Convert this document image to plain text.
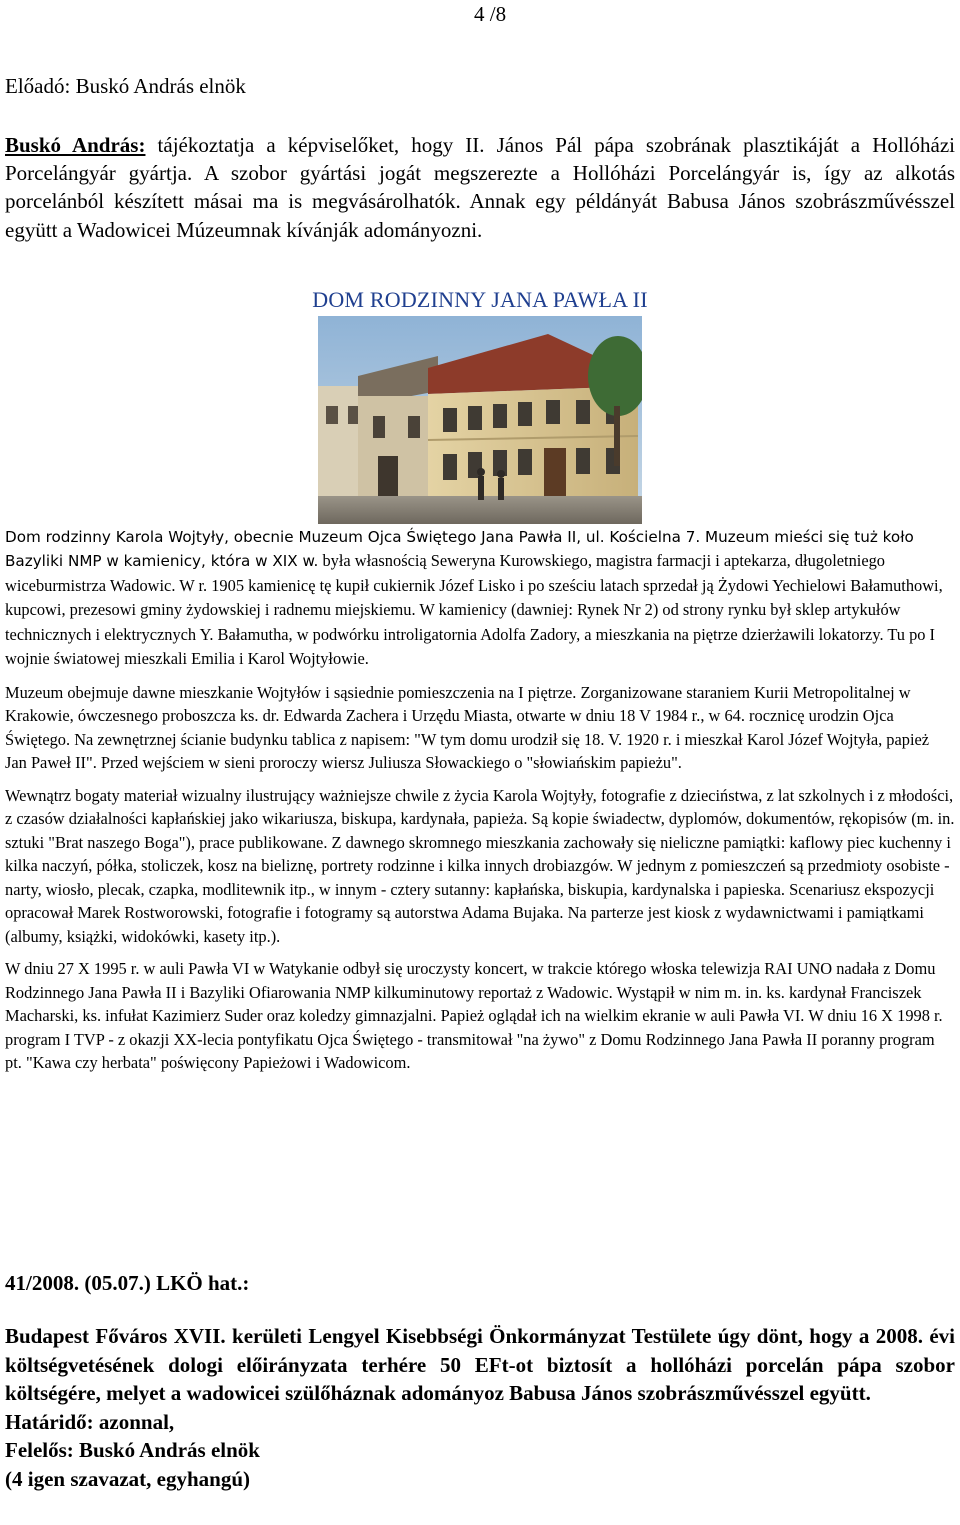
4 /8
Előadó: Buskó András elnök
Buskó András: tájékoztatja a képviselőket, hogy II. János Pál pápa szobrának plasztikáját a Hollóházi Porcelángyár gyártja. A szobor gyártási jogát megszerezte a Hollóházi Porcelángyár is, így az alkotás porcelánból készített másai ma is megvásárolhatók. Annak egy példányát Babusa János szobrászművésszel együtt a Wadowicei Múzeumnak kívánják adományozni.
DOM RODZINNY JANA PAWŁA II

Dom rodzinny Karola Wojtyły, obecnie Muzeum Ojca Świętego Jana Pawła II, ul. Kościelna 7. Muzeum mieści się tuż koło Bazyliki NMP w kamienicy, która w XIX w. była własnością Seweryna Kurowskiego, magistra farmacji i aptekarza, długoletniego wiceburmistrza Wadowic. W r. 1905 kamienicę tę kupił cukiernik Józef Lisko i po sześciu latach sprzedał ją Żydowi Yechielowi Bałamuthowi, kupcowi, prezesowi gminy żydowskiej i radnemu miejskiemu. W kamienicy (dawniej: Rynek Nr 2) od strony rynku był sklep artykułów technicznych i elektrycznych Y. Bałamutha, w podwórku introligatornia Adolfa Zadory, a mieszkania na piętrze dzierżawili lokatorzy. Tu po I wojnie światowej mieszkali Emilia i Karol Wojtyłowie.

Muzeum obejmuje dawne mieszkanie Wojtyłów i sąsiednie pomieszczenia na I piętrze. Zorganizowane staraniem Kurii Metropolitalnej w Krakowie, ówczesnego proboszcza ks. dr. Edwarda Zachera i Urzędu Miasta, otwarte w dniu 18 V 1984 r., w 64. rocznicę urodzin Ojca Świętego. Na zewnętrznej ścianie budynku tablica z napisem: "W tym domu urodził się 18. V. 1920 r. i mieszkał Karol Józef Wojtyła, papież Jan Paweł II". Przed wejściem w sieni proroczy wiersz Juliusza Słowackiego o "słowiańskim papieżu".

Wewnątrz bogaty materiał wizualny ilustrujący ważniejsze chwile z życia Karola Wojtyły, fotografie z dzieciństwa, z lat szkolnych i z młodości, z czasów działalności kapłańskiej jako wikariusza, biskupa, kardynała, papieża. Są kopie świadectw, dyplomów, dokumentów, rękopisów (m. in. sztuki "Brat naszego Boga"), prace publikowane. Z dawnego skromnego mieszkania zachowały się nieliczne pamiątki: kaflowy piec kuchenny i kilka naczyń, półka, stoliczek, kosz na bieliznę, portrety rodzinne i kilka innych drobiazgów. W jednym z pomieszczeń są przedmioty osobiste - narty, wiosło, plecak, czapka, modlitewnik itp., w innym - cztery sutanny: kapłańska, biskupia, kardynalska i papieska. Scenariusz ekspozycji opracował Marek Rostworowski, fotografie i fotogramy są autorstwa Adama Bujaka. Na parterze jest kiosk z wydawnictwami i pamiątkami (albumy, książki, widokówki, kasety itp.).

W dniu 27 X 1995 r. w auli Pawła VI w Watykanie odbył się uroczysty koncert, w trakcie którego włoska telewizja RAI UNO nadała z Domu Rodzinnego Jana Pawła II i Bazyliki Ofiarowania NMP kilkuminutowy reportaż z Wadowic. Wystąpił w nim m. in. ks. kardynał Franciszek Macharski, ks. infułat Kazimierz Suder oraz koledzy gimnazjalni. Papież oglądał ich na wielkim ekranie w auli Pawła VI. W dniu 16 X 1998 r. program I TVP - z okazji XX-lecia pontyfikatu Ojca Świętego - transmitował "na żywo" z Domu Rodzinnego Jana Pawła II poranny program pt. "Kawa czy herbata" poświęcony Papieżowi i Wadowicom.

41/2008. (05.07.) LKÖ hat.:
Budapest Főváros XVII. kerületi Lengyel Kisebbségi Önkormányzat Testülete úgy dönt, hogy a 2008. évi költségvetésének dologi előirányzata terhére 50 EFt-ot biztosít a hollóházi porcelán pápa szobor költségére, melyet a wadowicei szülőháznak adományoz Babusa János szobrászművésszel együtt.
Határidő: azonnal,
Felelős: Buskó András elnök
(4 igen szavazat, egyhangú)
